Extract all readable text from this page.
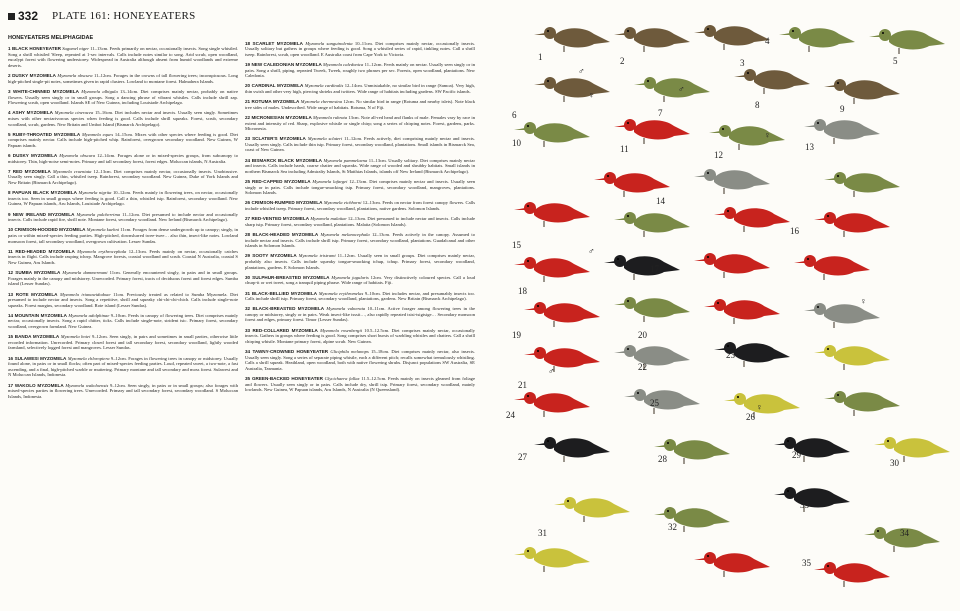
332 PLATE 161: HONEYEATERS
HONEYEATERS MELIPHAGIDAE

1 BLACK HONEYEATER Sugomel niger 11–13cm. Feeds primarily on nectar, occasionally insects. Song single whistled. Song a shrill whistled 'Sleep, repeated at 1-sec intervals. Calls include notes similar to song. Arid scrub, open woodland, eucalypt forest with flowering understorey. Widespread in Australia although absent from humid woodlands and extreme deserts.

2 DUSKY MYZOMELA Myzomela obscura 11–12cm. Forages in the crowns of tall flowering trees; inconspicuous. Long high-pitched single-pit notes, sometimes given in rapid clusters. Lowland to montane forest. Halmahera Islands.

3 WHITE-CHINNED MYZOMELA Myzomela albigula 13–14cm. Diet comprises mainly nectar, probably on native flowers. Usually seen singly or in small groups. Song a dancing phrase of vibrant whistles. Calls include shrill zap. Flowering scrub, open woodland. Islands SE of New Guinea, including Louisiade Archipelago.

4 ASHY MYZOMELA Myzomela cineracea 15–16cm. Diet includes nectar and insects. Usually seen singly. Sometimes mixes with other nectarivorous species when feeding is good. Calls include shrill squeaks. Forest, scrub, secondary woodland, scrub, gardens. New Britain and Umboi Island (Bismarck Archipelago).

5 RUBY-THROATED MYZOMELA Myzomela eques 14–15cm. Mixes with other species where feeding is good. Diet comprises mainly nectar. Calls include high-pitched whip. Rainforest, overgrown secondary woodland. New Guinea, W Papuan islands.

6 DUSKY MYZOMELA Myzomela obscura 12–14cm. Forages alone or in mixed-species groups, from subcanopy to midstorey. Thin, high-noise semi-notes. Primary and tall secondary forest, forest edges. Moluccan islands, N Australia.

7 RED MYZOMELA Myzomela cruentata 12–13cm. Diet comprises mainly nectar, occasionally insects. Unobtrusive. Usually seen singly. Call a thin, whistled tseep. Rainforest, secondary woodland. New Guinea, Duke of York Islands and New Britain (Bismarck Archipelago).

8 PAPUAN BLACK MYZOMELA Myzomela nigrita 10–12cm. Feeds mainly in flowering trees, on nectar, occasionally insects too. Seen in small groups where feeding is good. Call a thin, whistled tsip. Rainforest, secondary woodland. New Guinea, W Papuan islands, Aru Islands, Louisiade Archipelago.

9 NEW IRELAND MYZOMELA Myzomela pulcherrima 11–12cm. Diet presumed to include nectar and occasionally insects. Calls include rapid fire, shrill note. Montane forest, secondary woodland. New Ireland (Bismarck Archipelago).

10 CRIMSON-HOODED MYZOMELA Myzomela kuehni 11cm. Forages from dense undergrowth up to canopy; singly, in pairs or within mixed-species feeding parties. High-pitched, downslurred twee-twee… also thin, insect-like notes. Lowland monsoon forest, tall secondary woodland, overgrown cultivation. Lesser Sundas.

11 RED-HEADED MYZOMELA Myzomela erythrocephala 12–13cm. Feeds mainly on nectar, occasionally catches insects in flight. Calls include rasping tchrrp. Mangrove forests, coastal woodland and scrub. Coastal N Australia, coastal S New Guinea, Aru Islands.

12 SUMBA MYZOMELA Myzomela dammermani 11cm. Generally encountered singly, in pairs and in small groups. Forages mainly in the canopy and midstorey. Unrecorded. Primary forest, tracts of deciduous forest and forest edges. Sumba island (Lesser Sundas).

13 ROTE MYZOMELA Myzomela irianawidodoae 11cm. Previously treated as related to Sumba Myzomela. Diet presumed to include nectar and insects. Song a repetitive, shrill and squeaky chi-chi-chi-chich. Calls include single-note squeaks. Forest margins, secondary woodland. Rote island (Lesser Sundas).

14 MOUNTAIN MYZOMELA Myzomela adolphinae 9–10cm. Feeds in canopy of flowering trees. Diet comprises mainly nectar, occasionally insects. Song a rapid chitter, ticks. Calls include single-note, strident tsic. Primary forest, secondary woodland, overgrown farmland. New Guinea.

15 BANDA MYZOMELA Myzomela boiei 9–12cm. Seen singly, in pairs and sometimes in small parties, otherwise little recorded information. Unrecorded. Primary closed forest and tall secondary forest, secondary woodland, lightly wooded farmland, selectively logged forest and mangroves. Lesser Sundas.

16 SULAWESI MYZOMELA Myzomela chloroptera 9–12cm. Forages in flowering trees in canopy or midstorey. Usually found alone, in pairs or in small flocks; often part of mixed-species feeding parties. Loud, repeated sweet, a two-note, a fast ascending, and a final, high-pitched warble or muttering. Primary montane and tall secondary and moss forest. Sulawesi and N Moluccan Islands, Indonesia.

17 WAKOLO MYZOMELA Myzomela wakoloensis 9–12cm. Seen singly, in pairs or in small groups; also forages with mixed-species parties in flowering trees. Unrecorded. Primary and tall secondary forest, secondary woodland. S Moluccan Islands, Indonesia.

18 SCARLET MYZOMELA Myzomela sanguinolenta 10–11cm. Diet comprises mainly nectar, occasionally insects. Usually solitary but gathers in groups where feeding is good. Song a whistled series of rapid, tinkling notes. Call a shrill tseep. Rainforest, scrub, open woodland. E Australia coast from Cape York to Victoria.

19 NEW CALEDONIAN MYZOMELA Myzomela caledonica 11–12cm. Feeds mainly on nectar. Usually seen singly or in pairs. Song a shrill, piping, repeated Tweek, Tweek, roughly two phrases per sec. Forests, open woodland, plantations. New Caledonia.

20 CARDINAL MYZOMELA Myzomela cardinalis 12–14cm. Unmistakable, no similar bird in range (Samoa). Very high, thin swish and other very high, piercing shrieks and twitters. Wide range of habitats including gardens. SW Pacific islands.

21 ROTUMA MYZOMELA Myzomela chermesina 12cm. No similar bird in range (Rotuma and nearby islets). Note black tree sides of males. Undescribed. Wide range of habitats. Rotuma, N of Fiji.

22 MICRONESIAN MYZOMELA Myzomela rubrata 13cm. Note all-red head and flanks of male. Females vary by race in extent and intensity of red. Sharp, explosive whistle or single chirp; song a series of chirping notes. Forest, gardens, parks. Micronesia.

23 SCLATER'S MYZOMELA Myzomela sclateri 11–12cm. Feeds actively, diet comprising mainly nectar and insects. Usually seen singly. Calls include thin tsip. Primary forest, secondary woodland, plantations. Small islands in Bismarck Sea, coast of New Guinea.

24 BISMARCK BLACK MYZOMELA Myzomela pammelaena 11–13cm. Usually solitary. Diet comprises mainly nectar and insects. Calls include harsh, coarse chatter and squeaks. Wide range of wooded and shrubby habitats. Small islands in northern Bismarck Sea including Admiralty Islands, St Matthias Islands, islands off New Ireland (Bismarck Archipelago).

25 RED-CAPPED MYZOMELA Myzomela lafargei 12–13cm. Diet comprises mainly nectar and insects. Usually seen singly or in pairs. Calls include tongue-smacking tsip. Primary forest, secondary woodland, mangroves, plantations. Solomon Islands.

26 CRIMSON-RUMPED MYZOMELA Myzomela eichhorni 12–13cm. Feeds on nectar from forest canopy flowers. Calls include whistled tseep. Primary forest, secondary woodland, plantations, native gardens. Solomon Islands.

27 RED-VENTED MYZOMELA Myzomela malaitae 12–13cm. Diet presumed to include nectar and insects. Calls include sharp tsip. Primary forest, secondary woodland, plantations. Malaita (Solomon Islands).

28 BLACK-HEADED MYZOMELA Myzomela melanocephala 12–13cm. Feeds actively in the canopy. Assumed to include nectar and insects. Calls include shrill tsip. Primary forest, secondary woodland, plantations. Guadalcanal and other islands in Solomon Islands.

29 SOOTY MYZOMELA Myzomela tristrami 11–12cm. Usually seen in small groups. Diet comprises mainly nectar, probably also insects. Calls include squeaky tongue-smacking tchup, tchup. Primary forest, secondary woodland, plantations, gardens. E Solomon Islands.

30 SULPHUR-BREASTED MYZOMELA Myzomela jugularis 12cm. Very distinctively coloured species. Call a loud churp-it or wet tweet, song a tranquil piping phrase. Wide range of habitats. Fiji.

31 BLACK-BELLIED MYZOMELA Myzomela erythromelas 9–10cm. Diet includes nectar, and presumably insects too. Calls include shrill tsip. Primary forest, secondary woodland, plantations, gardens. New Britain (Bismarck Archipelago).

32 BLACK-BREASTED MYZOMELA Myzomela vulnerata 10–11cm. Active forager among flowering trees in the canopy or midstorey, singly or in pairs. Weak insect-like tsssit…, also rapidly repeated tsisi-tsigtsige… Secondary monsoon forest and edges, primary forest. Timor (Lesser Sundas).

33 RED-COLLARED MYZOMELA Myzomela rosenbergii 10.5–12.5cm. Diet comprises mainly nectar, occasionally insects. Gathers in groups where feeding is good. Song comprises short bursts of warbling whistles and chatters. Call a shrill chirping whistle. Montane primary forest, alpine scrub. New Guinea.

34 TAWNY-CROWNED HONEYEATER Gliciphila melanops 15–18cm. Diet comprises mainly nectar, also insects. Usually seen singly. Song a series of separate piping whistle, each a different pitch; recalls somewhat tremulously whistling. Calls a shrill squeak. Heathland, open woodland, both with native flowering shrubs. Disjunct populations SW Australia, SE Australia, Tasmania.

35 GREEN-BACKED HONEYEATER Glycichaera fallax 11.5–12.5cm. Feeds mainly on insects gleaned from foliage and flowers. Usually seen singly or in pairs. Calls include dry, shrill tsip. Primary forest, secondary woodland, mainly lowlands. New Guinea, W Papuan islands, Aru Islands, N Australia (N Queensland).

1	2	3
4
5
6	7
8	9
10
11
12
13
14
15
16
17
18
19	20
21
22
23
24
25
26
27	28	29
30
31
32
33
34
35
♂
♀
♂
♀
♂
♀
♂
♀
